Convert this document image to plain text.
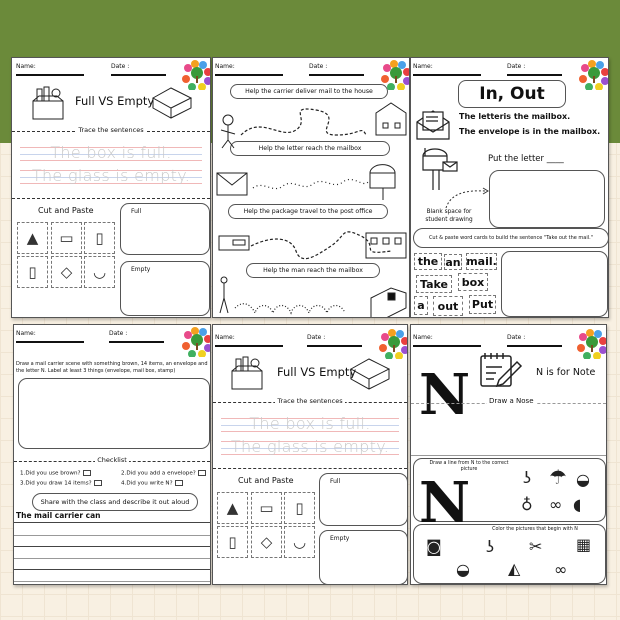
Name:	Date :
Full VS Empty
Trace the sentences
The box is full.
The glass is empty.
Cut and Paste
▲	▭	▯
▯	◇	◡
Full
Empty
Name:	Date :
Help the carrier deliver mail to the house
Help the letter reach the mailbox
Help the package travel to the post office
Help the man reach the mailbox
Name:	Date :
In, Out
The letteris the mailbox.
The envelope is in the mailbox.
Put the letter ____
Blank space for student drawing
Cut & paste word cards to build the sentence "Take out the mail."
the an mail.
Take	box
a	out	Put
Name:	Date :
Draw a mail carrier scene with something brown, 14 items, an envelope and the letter N. Label at least 3 things (envelope, mail box, stamp)
Checklist
1.Did you use brown?	2.Did you add a envelope?
3.Did you draw 14 items?	4.Did you write N?
Share with the class and describe it out aloud
The mail carrier can
Name:	Date :
Full VS Empty
Trace the sentences
The box is full.
The glass is empty.
Cut and Paste
▲	▭	▯
▯	◇	◡
Full
Empty
Name:	Date :
N	N is for Note
Draw a Nose
Draw a line from N to the correct picture
N	Color the pictures that begin with N
ʖ ☂ ◒
♁ ∞ ◖
◙	ʖ ✂ ▦
◒ ◭ ∞
